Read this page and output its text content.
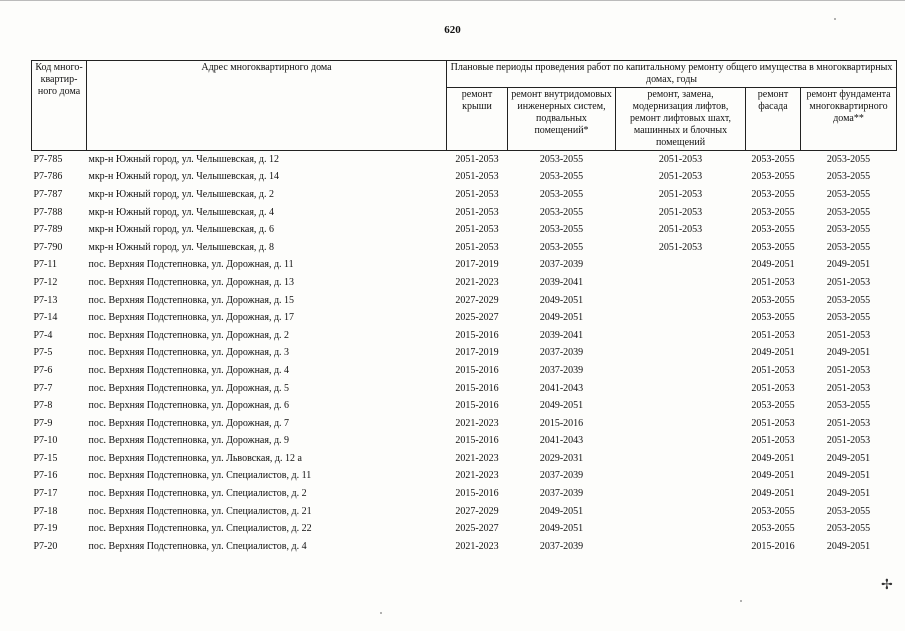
620
Код много-квартир-ного дома	Адрес многоквартирного дома	Плановые периоды проведения работ по капитальному ремонту общего имущества в многоквартирных домах, годы				
		ремонт крыши	ремонт внутридомовых инженерных систем, подвальных помещений*	ремонт, замена, модернизация лифтов, ремонт лифтовых шахт, машинных и блочных помещений	ремонт фасада	ремонт фундамента многоквартирного дома**
Р7-785	мкр-н Южный город, ул. Челышевская, д. 12	2051-2053	2053-2055	2051-2053	2053-2055	2053-2055
Р7-786	мкр-н Южный город, ул. Челышевская, д. 14	2051-2053	2053-2055	2051-2053	2053-2055	2053-2055
Р7-787	мкр-н Южный город, ул. Челышевская, д. 2	2051-2053	2053-2055	2051-2053	2053-2055	2053-2055
Р7-788	мкр-н Южный город, ул. Челышевская, д. 4	2051-2053	2053-2055	2051-2053	2053-2055	2053-2055
Р7-789	мкр-н Южный город, ул. Челышевская, д. 6	2051-2053	2053-2055	2051-2053	2053-2055	2053-2055
Р7-790	мкр-н Южный город, ул. Челышевская, д. 8	2051-2053	2053-2055	2051-2053	2053-2055	2053-2055
Р7-11	пос. Верхняя Подстепновка, ул. Дорожная, д. 11	2017-2019	2037-2039		2049-2051	2049-2051
Р7-12	пос. Верхняя Подстепновка, ул. Дорожная, д. 13	2021-2023	2039-2041		2051-2053	2051-2053
Р7-13	пос. Верхняя Подстепновка, ул. Дорожная, д. 15	2027-2029	2049-2051		2053-2055	2053-2055
Р7-14	пос. Верхняя Подстепновка, ул. Дорожная, д. 17	2025-2027	2049-2051		2053-2055	2053-2055
Р7-4	пос. Верхняя Подстепновка, ул. Дорожная, д. 2	2015-2016	2039-2041		2051-2053	2051-2053
Р7-5	пос. Верхняя Подстепновка, ул. Дорожная, д. 3	2017-2019	2037-2039		2049-2051	2049-2051
Р7-6	пос. Верхняя Подстепновка, ул. Дорожная, д. 4	2015-2016	2037-2039		2051-2053	2051-2053
Р7-7	пос. Верхняя Подстепновка, ул. Дорожная, д. 5	2015-2016	2041-2043		2051-2053	2051-2053
Р7-8	пос. Верхняя Подстепновка, ул. Дорожная, д. 6	2015-2016	2049-2051		2053-2055	2053-2055
Р7-9	пос. Верхняя Подстепновка, ул. Дорожная, д. 7	2021-2023	2015-2016		2051-2053	2051-2053
Р7-10	пос. Верхняя Подстепновка, ул. Дорожная, д. 9	2015-2016	2041-2043		2051-2053	2051-2053
Р7-15	пос. Верхняя Подстепновка, ул. Львовская, д. 12 а	2021-2023	2029-2031		2049-2051	2049-2051
Р7-16	пос. Верхняя Подстепновка, ул. Специалистов, д. 11	2021-2023	2037-2039		2049-2051	2049-2051
Р7-17	пос. Верхняя Подстепновка, ул. Специалистов, д. 2	2015-2016	2037-2039		2049-2051	2049-2051
Р7-18	пос. Верхняя Подстепновка, ул. Специалистов, д. 21	2027-2029	2049-2051		2053-2055	2053-2055
Р7-19	пос. Верхняя Подстепновка, ул. Специалистов, д. 22	2025-2027	2049-2051		2053-2055	2053-2055
Р7-20	пос. Верхняя Подстепновка, ул. Специалистов, д. 4	2021-2023	2037-2039		2015-2016	2049-2051
✢
